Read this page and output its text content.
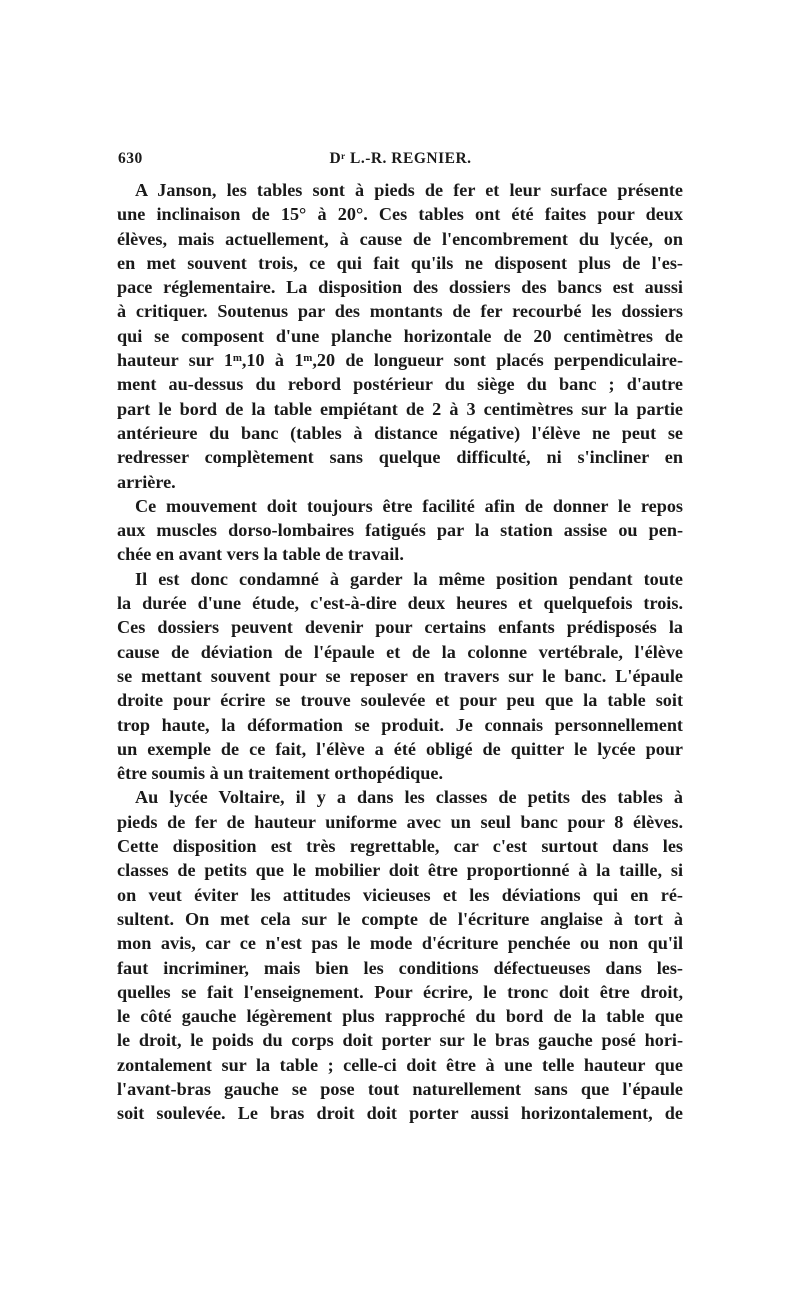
630	Dʳ L.-R. REGNIER.

A Janson, les tables sont à pieds de fer et leur surface présente
une inclinaison de 15° à 20°. Ces tables ont été faites pour deux
élèves, mais actuellement, à cause de l'encombrement du lycée, on
en met souvent trois, ce qui fait qu'ils ne disposent plus de l'es-
pace réglementaire. La disposition des dossiers des bancs est aussi
à critiquer. Soutenus par des montants de fer recourbé les dossiers
qui se composent d'une planche horizontale de 20 centimètres de
hauteur sur 1ᵐ,10 à 1ᵐ,20 de longueur sont placés perpendiculaire-
ment au-dessus du rebord postérieur du siège du banc ; d'autre
part le bord de la table empiétant de 2 à 3 centimètres sur la partie
antérieure du banc (tables à distance négative) l'élève ne peut se
redresser complètement sans quelque difficulté, ni s'incliner en
arrière.

Ce mouvement doit toujours être facilité afin de donner le repos
aux muscles dorso-lombaires fatigués par la station assise ou pen-
chée en avant vers la table de travail.

Il est donc condamné à garder la même position pendant toute
la durée d'une étude, c'est-à-dire deux heures et quelquefois trois.
Ces dossiers peuvent devenir pour certains enfants prédisposés la
cause de déviation de l'épaule et de la colonne vertébrale, l'élève
se mettant souvent pour se reposer en travers sur le banc. L'épaule
droite pour écrire se trouve soulevée et pour peu que la table soit
trop haute, la déformation se produit. Je connais personnellement
un exemple de ce fait, l'élève a été obligé de quitter le lycée pour
être soumis à un traitement orthopédique.

Au lycée Voltaire, il y a dans les classes de petits des tables à
pieds de fer de hauteur uniforme avec un seul banc pour 8 élèves.
Cette disposition est très regrettable, car c'est surtout dans les
classes de petits que le mobilier doit être proportionné à la taille, si
on veut éviter les attitudes vicieuses et les déviations qui en ré-
sultent. On met cela sur le compte de l'écriture anglaise à tort à
mon avis, car ce n'est pas le mode d'écriture penchée ou non qu'il
faut incriminer, mais bien les conditions défectueuses dans les-
quelles se fait l'enseignement. Pour écrire, le tronc doit être droit,
le côté gauche légèrement plus rapproché du bord de la table que
le droit, le poids du corps doit porter sur le bras gauche posé hori-
zontalement sur la table ; celle-ci doit être à une telle hauteur que
l'avant-bras gauche se pose tout naturellement sans que l'épaule
soit soulevée. Le bras droit doit porter aussi horizontalement, de
